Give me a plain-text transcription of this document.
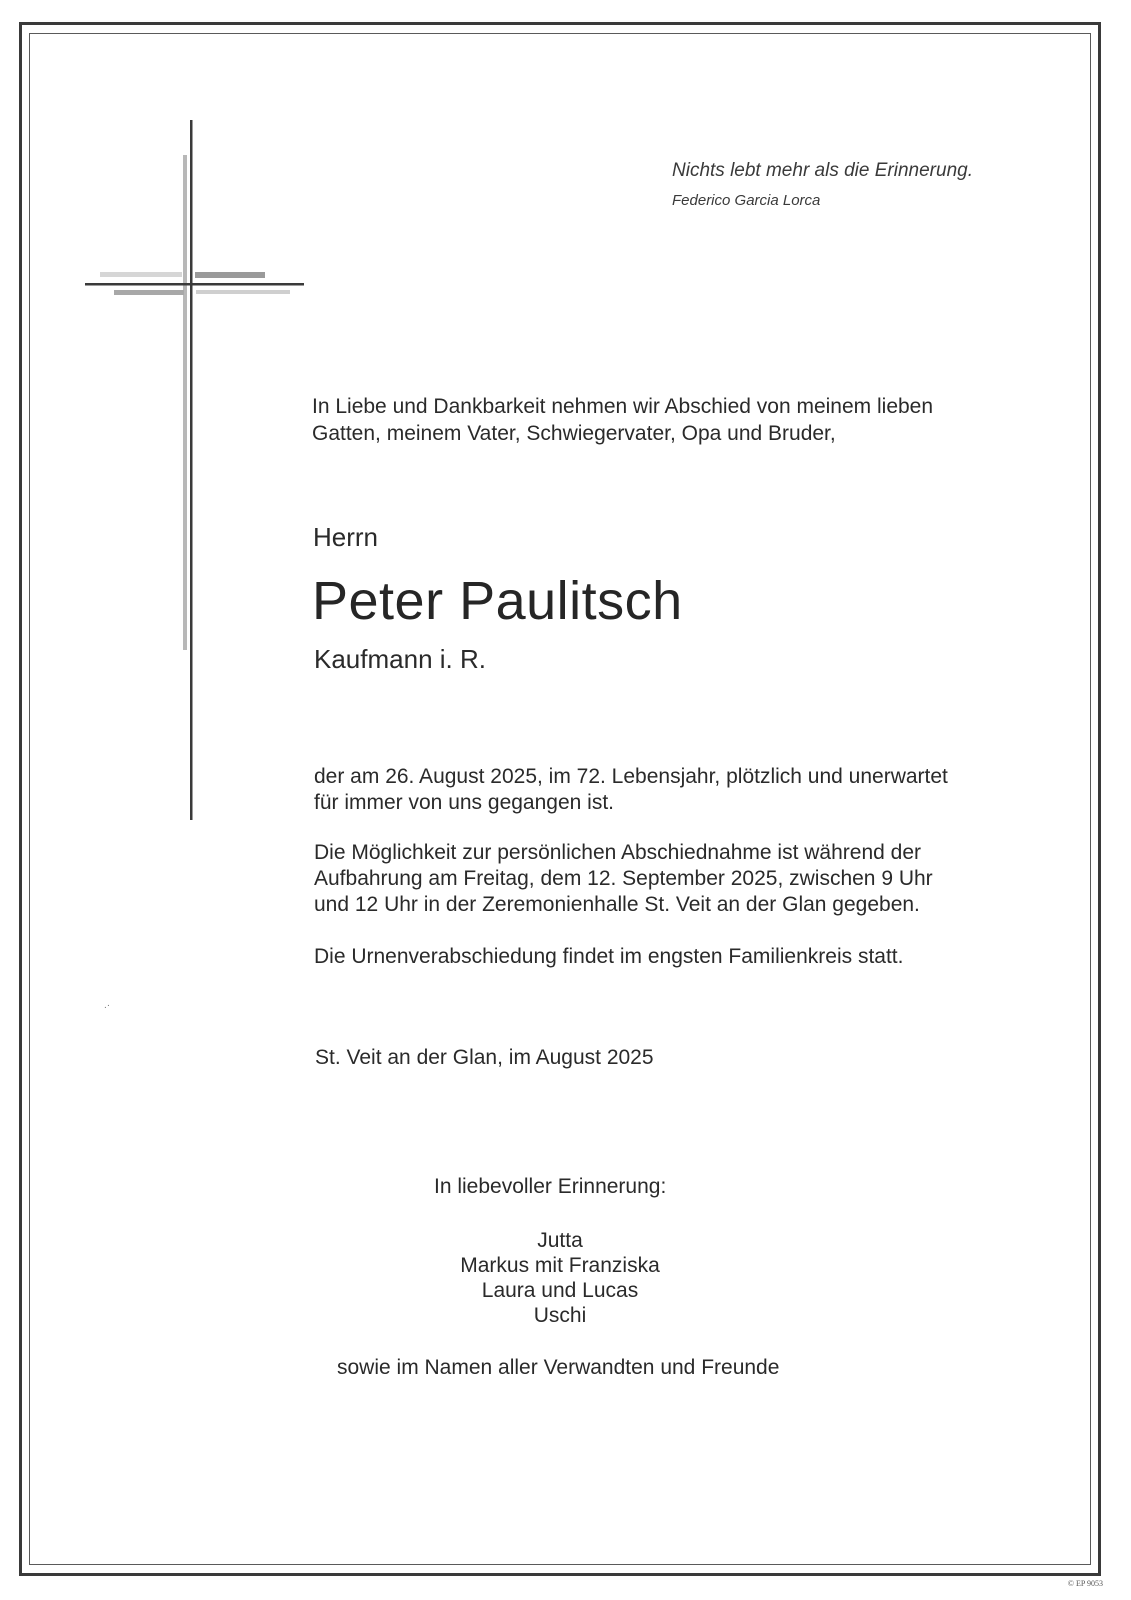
Nichts lebt mehr als die Erinnerung.
Federico Garcia Lorca
In Liebe und Dankbarkeit nehmen wir Abschied von meinem lieben
Gatten, meinem Vater, Schwiegervater, Opa und Bruder,
Herrn
Peter Paulitsch
Kaufmann i. R.
der am 26. August 2025, im 72. Lebensjahr, plötzlich und unerwartet
für immer von uns gegangen ist.
Die Möglichkeit zur persönlichen Abschiednahme ist während der
Aufbahrung am Freitag, dem 12. September 2025, zwischen 9 Uhr
und 12 Uhr in der Zeremonienhalle St. Veit an der Glan gegeben.
Die Urnenverabschiedung findet im engsten Familienkreis statt.
St. Veit an der Glan, im August 2025
In liebevoller Erinnerung:
Jutta
Markus mit Franziska
Laura und Lucas
Uschi
sowie im Namen aller Verwandten und Freunde
.·
© EP 9053
